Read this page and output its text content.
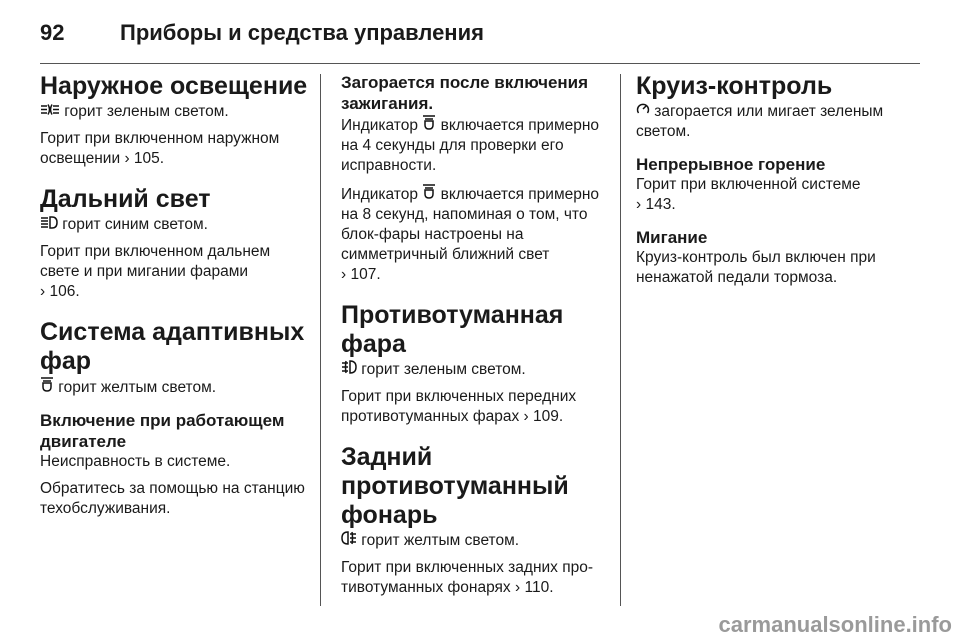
92	Приборы и средства управления
Наружное освещение

горит зеленым светом.

Горит при включенном наружном освещении › 105.

Дальний свет

горит синим светом.

Горит при включенном дальнем свете и при мигании фарами
› 106.

Система адаптивных фар

горит желтым светом.

Включение при работающем двигателе

Неисправность в системе.

Обратитесь за помощью на станцию техобслуживания.

Загорается после включения зажигания.

Индикатор  включается примерно на 4 секунды для проверки его исправности.

Индикатор  включается примерно на 8 секунд, напоминая о том, что блок-фары настроены на симметричный ближний свет
› 107.

Противотуманная фара

горит зеленым светом.

Горит при включенных передних противотуманных фарах › 109.

Задний противотуманный фонарь

горит желтым светом.

Горит при включенных задних противотуманных фонарях › 110.

Круиз-контроль

загорается или мигает зеленым светом.

Непрерывное горение

Горит при включенной системе
› 143.

Мигание

Круиз-контроль был включен при ненажатой педали тормоза.

carmanualsonline.info
